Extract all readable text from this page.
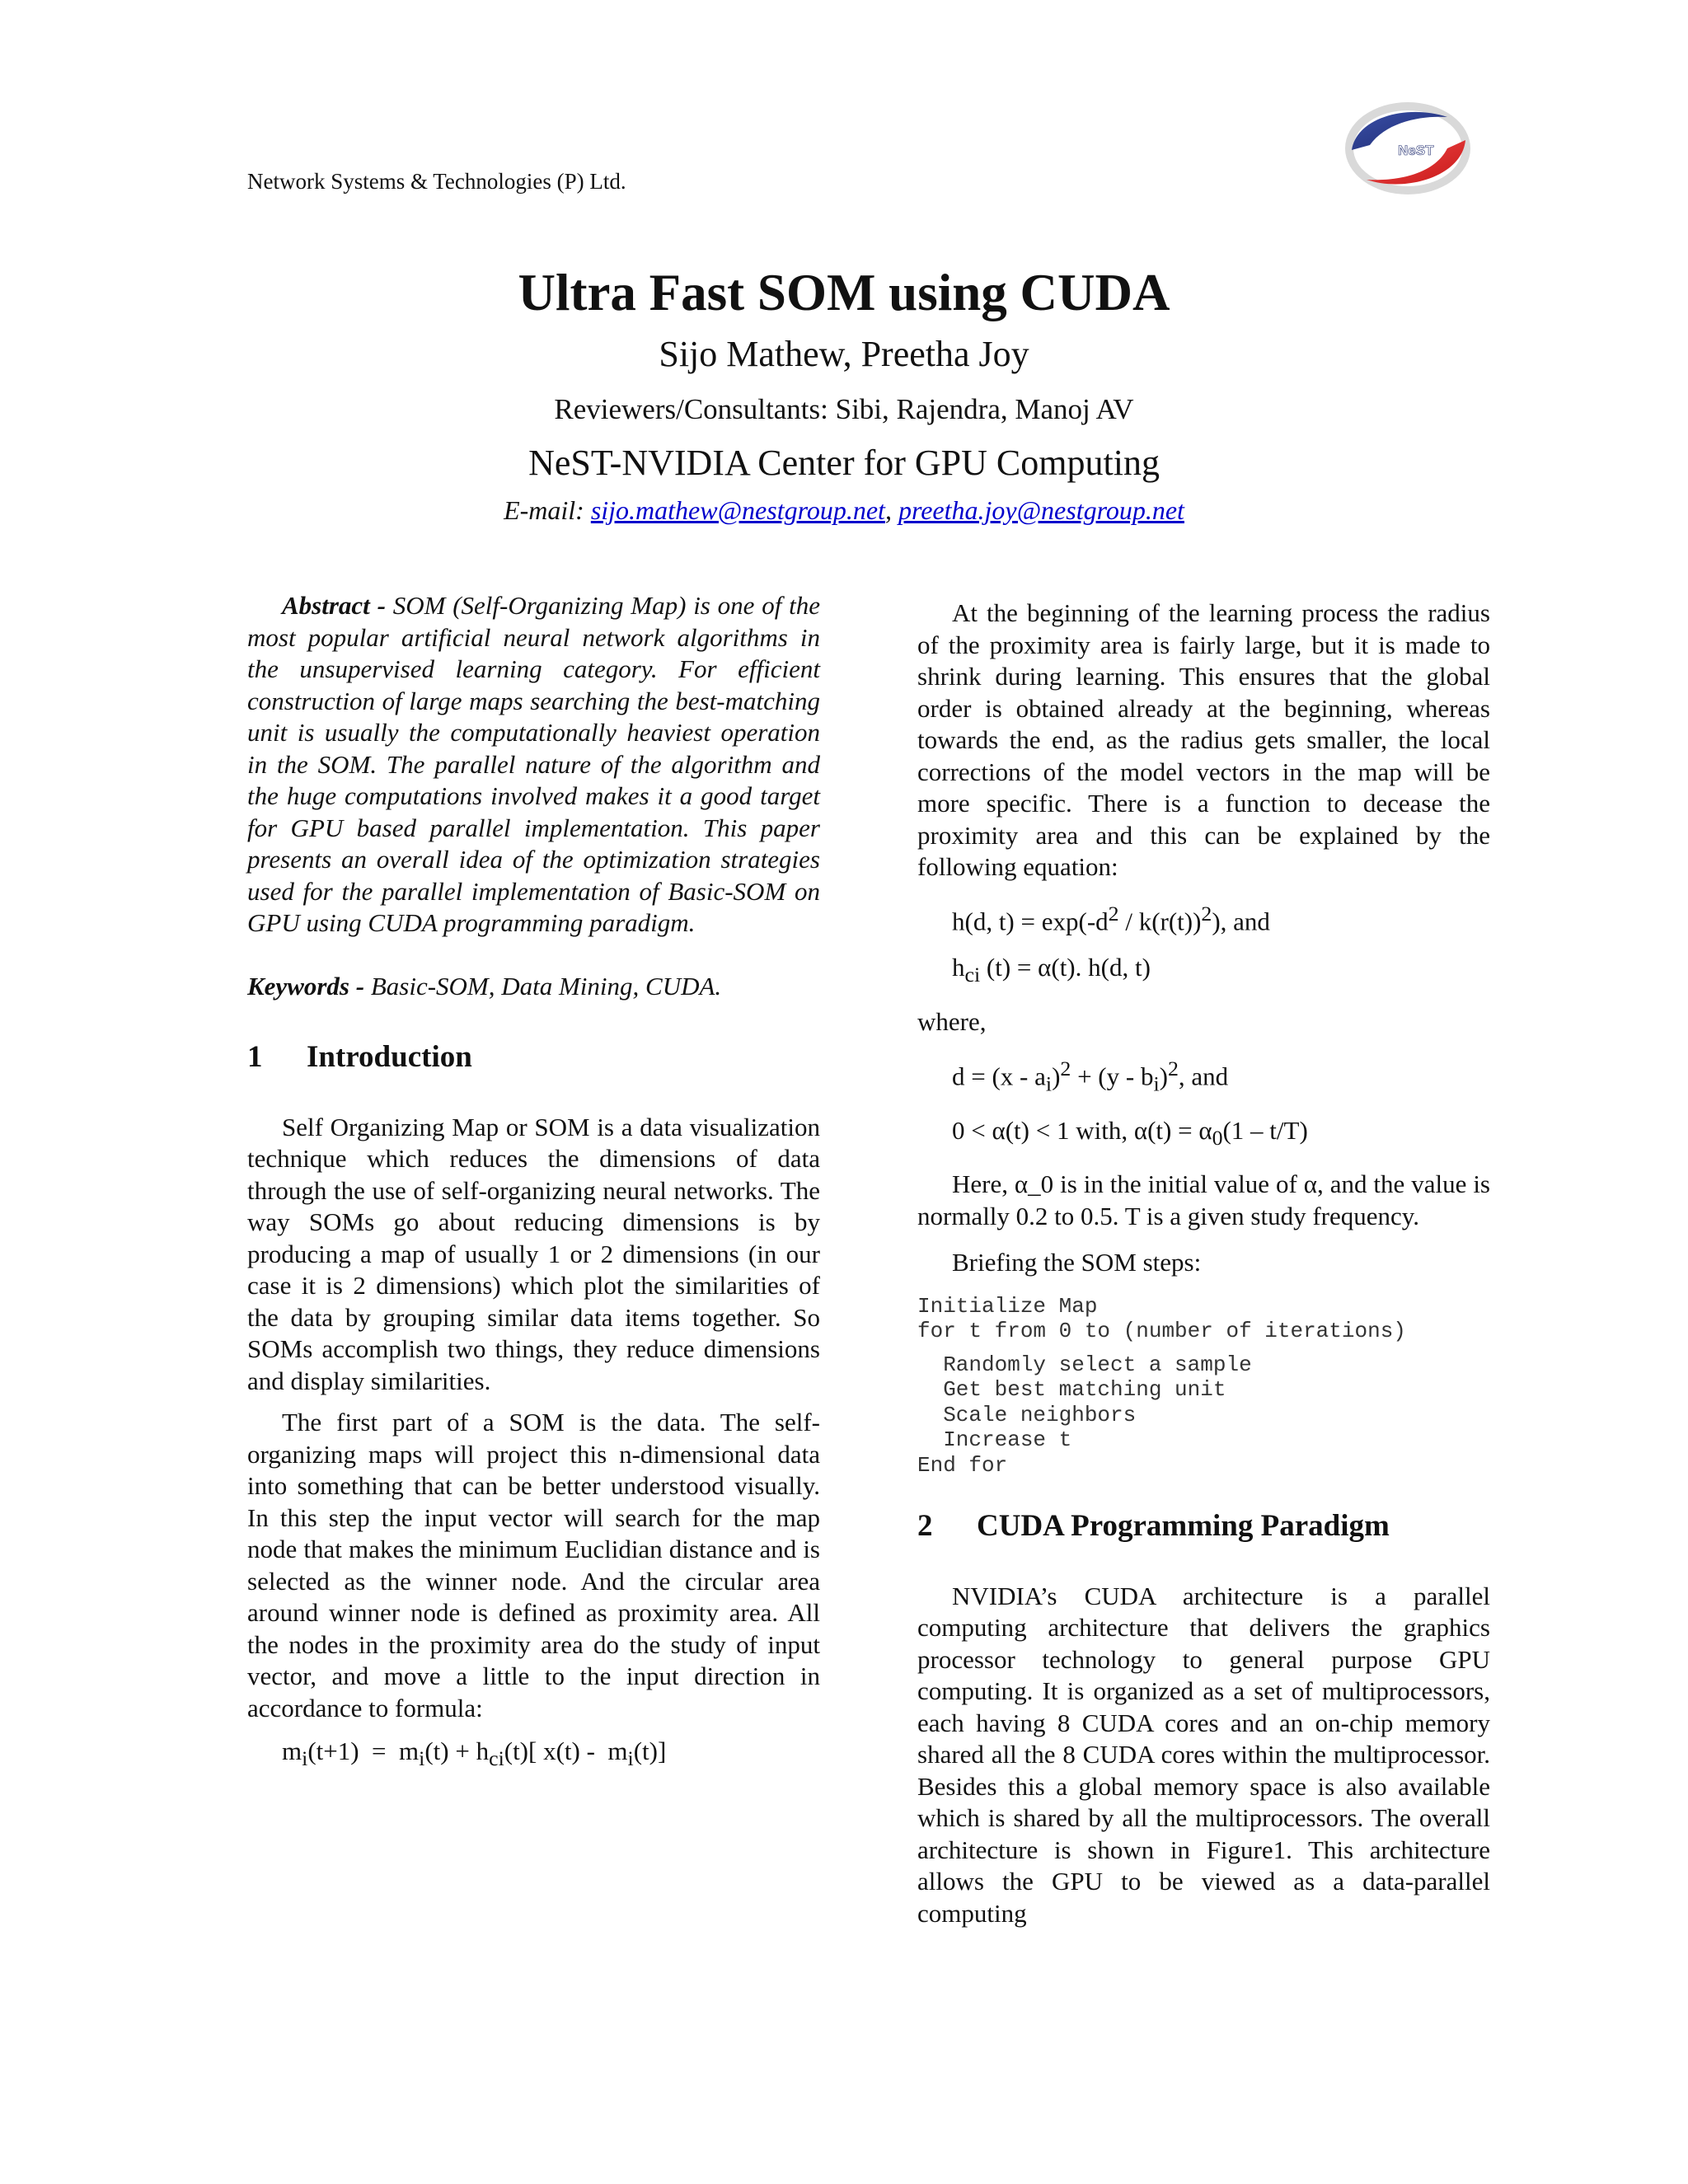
Network Systems & Technologies (P) Ltd.
NeST
Ultra Fast SOM using CUDA
Sijo Mathew, Preetha Joy
Reviewers/Consultants: Sibi, Rajendra, Manoj AV
NeST-NVIDIA Center for GPU Computing
E-mail: sijo.mathew@nestgroup.net, preetha.joy@nestgroup.net

Abstract - SOM (Self-Organizing Map) is one of the most popular artificial neural network algorithms in the unsupervised learning category. For efficient construction of large maps searching the best-matching unit is usually the computationally heaviest operation in the SOM. The parallel nature of the algorithm and the huge computations involved makes it a good target for GPU based parallel implementation. This paper presents an overall idea of the optimization strategies used for the parallel implementation of Basic-SOM on GPU using CUDA programming paradigm.

Keywords - Basic-SOM, Data Mining, CUDA.

1	Introduction

Self Organizing Map or SOM is a data visualization technique which reduces the dimensions of data through the use of self-organizing neural networks. The way SOMs go about reducing dimensions is by producing a map of usually 1 or 2 dimensions (in our case it is 2 dimensions) which plot the similarities of the data by grouping similar data items together. So SOMs accomplish two things, they reduce dimensions and display similarities.

The first part of a SOM is the data. The self-organizing maps will project this n-dimensional data into something that can be better understood visually. In this step the input vector will search for the map node that makes the minimum Euclidian distance and is selected as the winner node. And the circular area around winner node is defined as proximity area. All the nodes in the proximity area do the study of input vector, and move a little to the input direction in accordance to formula:

$m_i(t+1) = m_i(t) + h_{ci}(t)$[ $x(t) - m_i(t)$]

At the beginning of the learning process the radius of the proximity area is fairly large, but it is made to shrink during learning. This ensures that the global order is obtained already at the beginning, whereas towards the end, as the radius gets smaller, the local corrections of the model vectors in the map will be more specific. There is a function to decease the proximity area and this can be explained by the following equation:

h(d, $t) = \exp(-d^2 / k(r(t))^2)$, and

$h_{ci}$ (t) = α(t). h(d, t)

where,

$d = (x - a_i)^2 + (y - b_i)^2$, and

0 < α(t) < 1 with, $\alpha(t) = \alpha_0(1 - t/T)$

Here, α_0 is in the initial value of α, and the value is normally 0.2 to 0.5. T is a given study frequency.

Briefing the SOM steps:

Initialize Map
for t from 0 to (number of iterations)
Randomly select a sample
Get best matching unit
Scale neighbors
Increase t
End for
2	CUDA Programming Paradigm

NVIDIA’s CUDA architecture is a parallel computing architecture that delivers the graphics processor technology to general purpose GPU computing. It is organized as a set of multiprocessors, each having 8 CUDA cores and an on-chip memory shared all the 8 CUDA cores within the multiprocessor. Besides this a global memory space is also available which is shared by all the multiprocessors. The overall architecture is shown in Figure1. This architecture allows the GPU to be viewed as a data-parallel computing
